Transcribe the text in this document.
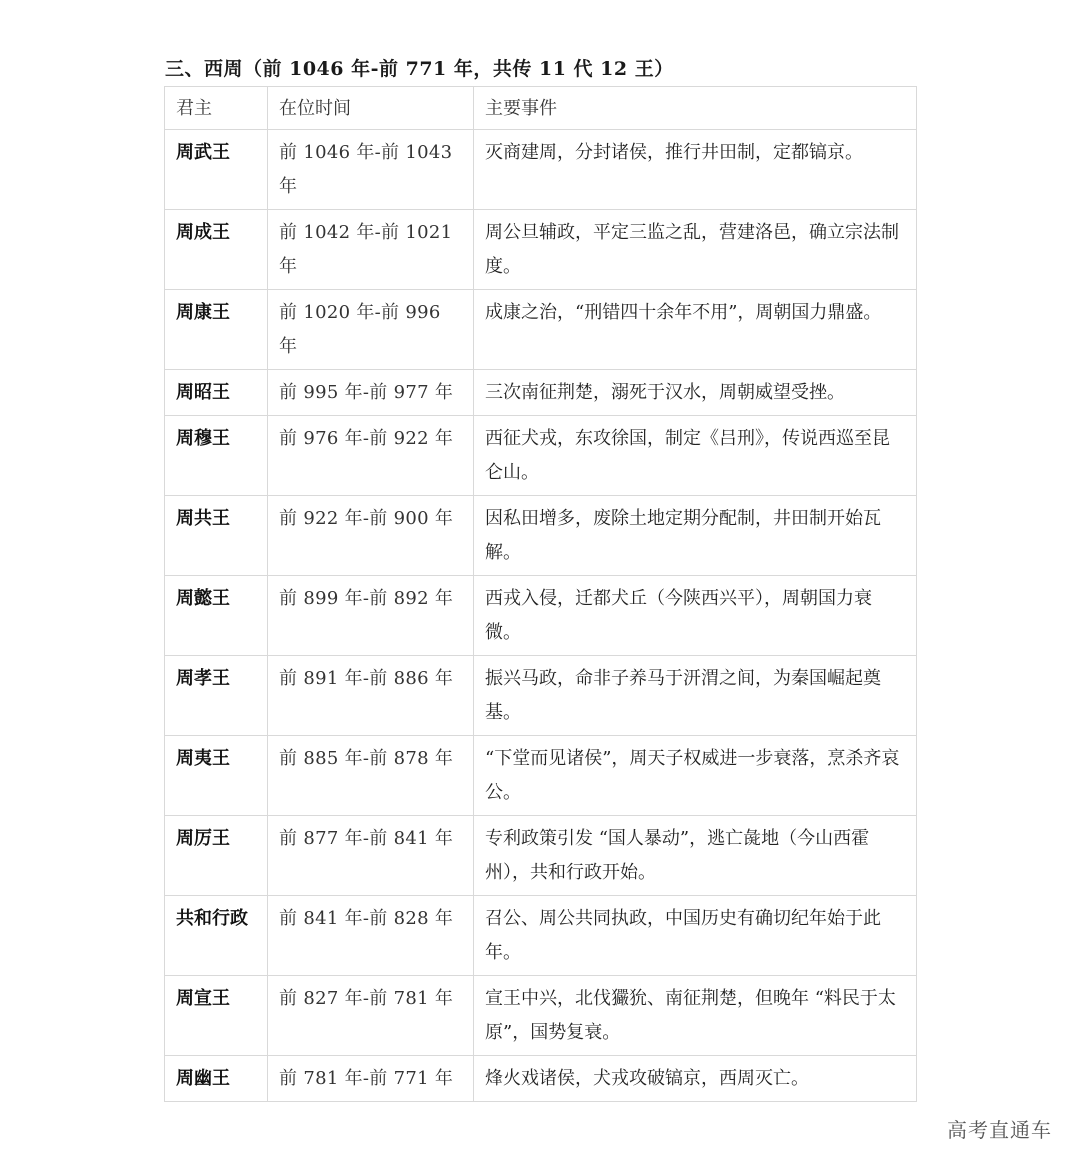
三、西周（前 1046 年-前 771 年，共传 11 代 12 王）
君主	在位时间	主要事件
周武王	前 1046 年-前 1043 年	灭商建周，分封诸侯，推行井田制，定都镐京。
周成王	前 1042 年-前 1021 年	周公旦辅政，平定三监之乱，营建洛邑，确立宗法制度。
周康王	前 1020 年-前 996 年	成康之治，“刑错四十余年不用”，周朝国力鼎盛。
周昭王	前 995 年-前 977 年	三次南征荆楚，溺死于汉水，周朝威望受挫。
周穆王	前 976 年-前 922 年	西征犬戎，东攻徐国，制定《吕刑》，传说西巡至昆仑山。
周共王	前 922 年-前 900 年	因私田增多，废除土地定期分配制，井田制开始瓦解。
周懿王	前 899 年-前 892 年	西戎入侵，迁都犬丘（今陕西兴平），周朝国力衰微。
周孝王	前 891 年-前 886 年	振兴马政，命非子养马于汧渭之间，为秦国崛起奠基。
周夷王	前 885 年-前 878 年	“下堂而见诸侯”，周天子权威进一步衰落，烹杀齐哀公。
周厉王	前 877 年-前 841 年	专利政策引发 “国人暴动”，逃亡彘地（今山西霍州），共和行政开始。
共和行政	前 841 年-前 828 年	召公、周公共同执政，中国历史有确切纪年始于此年。
周宣王	前 827 年-前 781 年	宣王中兴，北伐玁狁、南征荆楚，但晚年 “料民于太原”，国势复衰。
周幽王	前 781 年-前 771 年	烽火戏诸侯，犬戎攻破镐京，西周灭亡。
高考直通车
